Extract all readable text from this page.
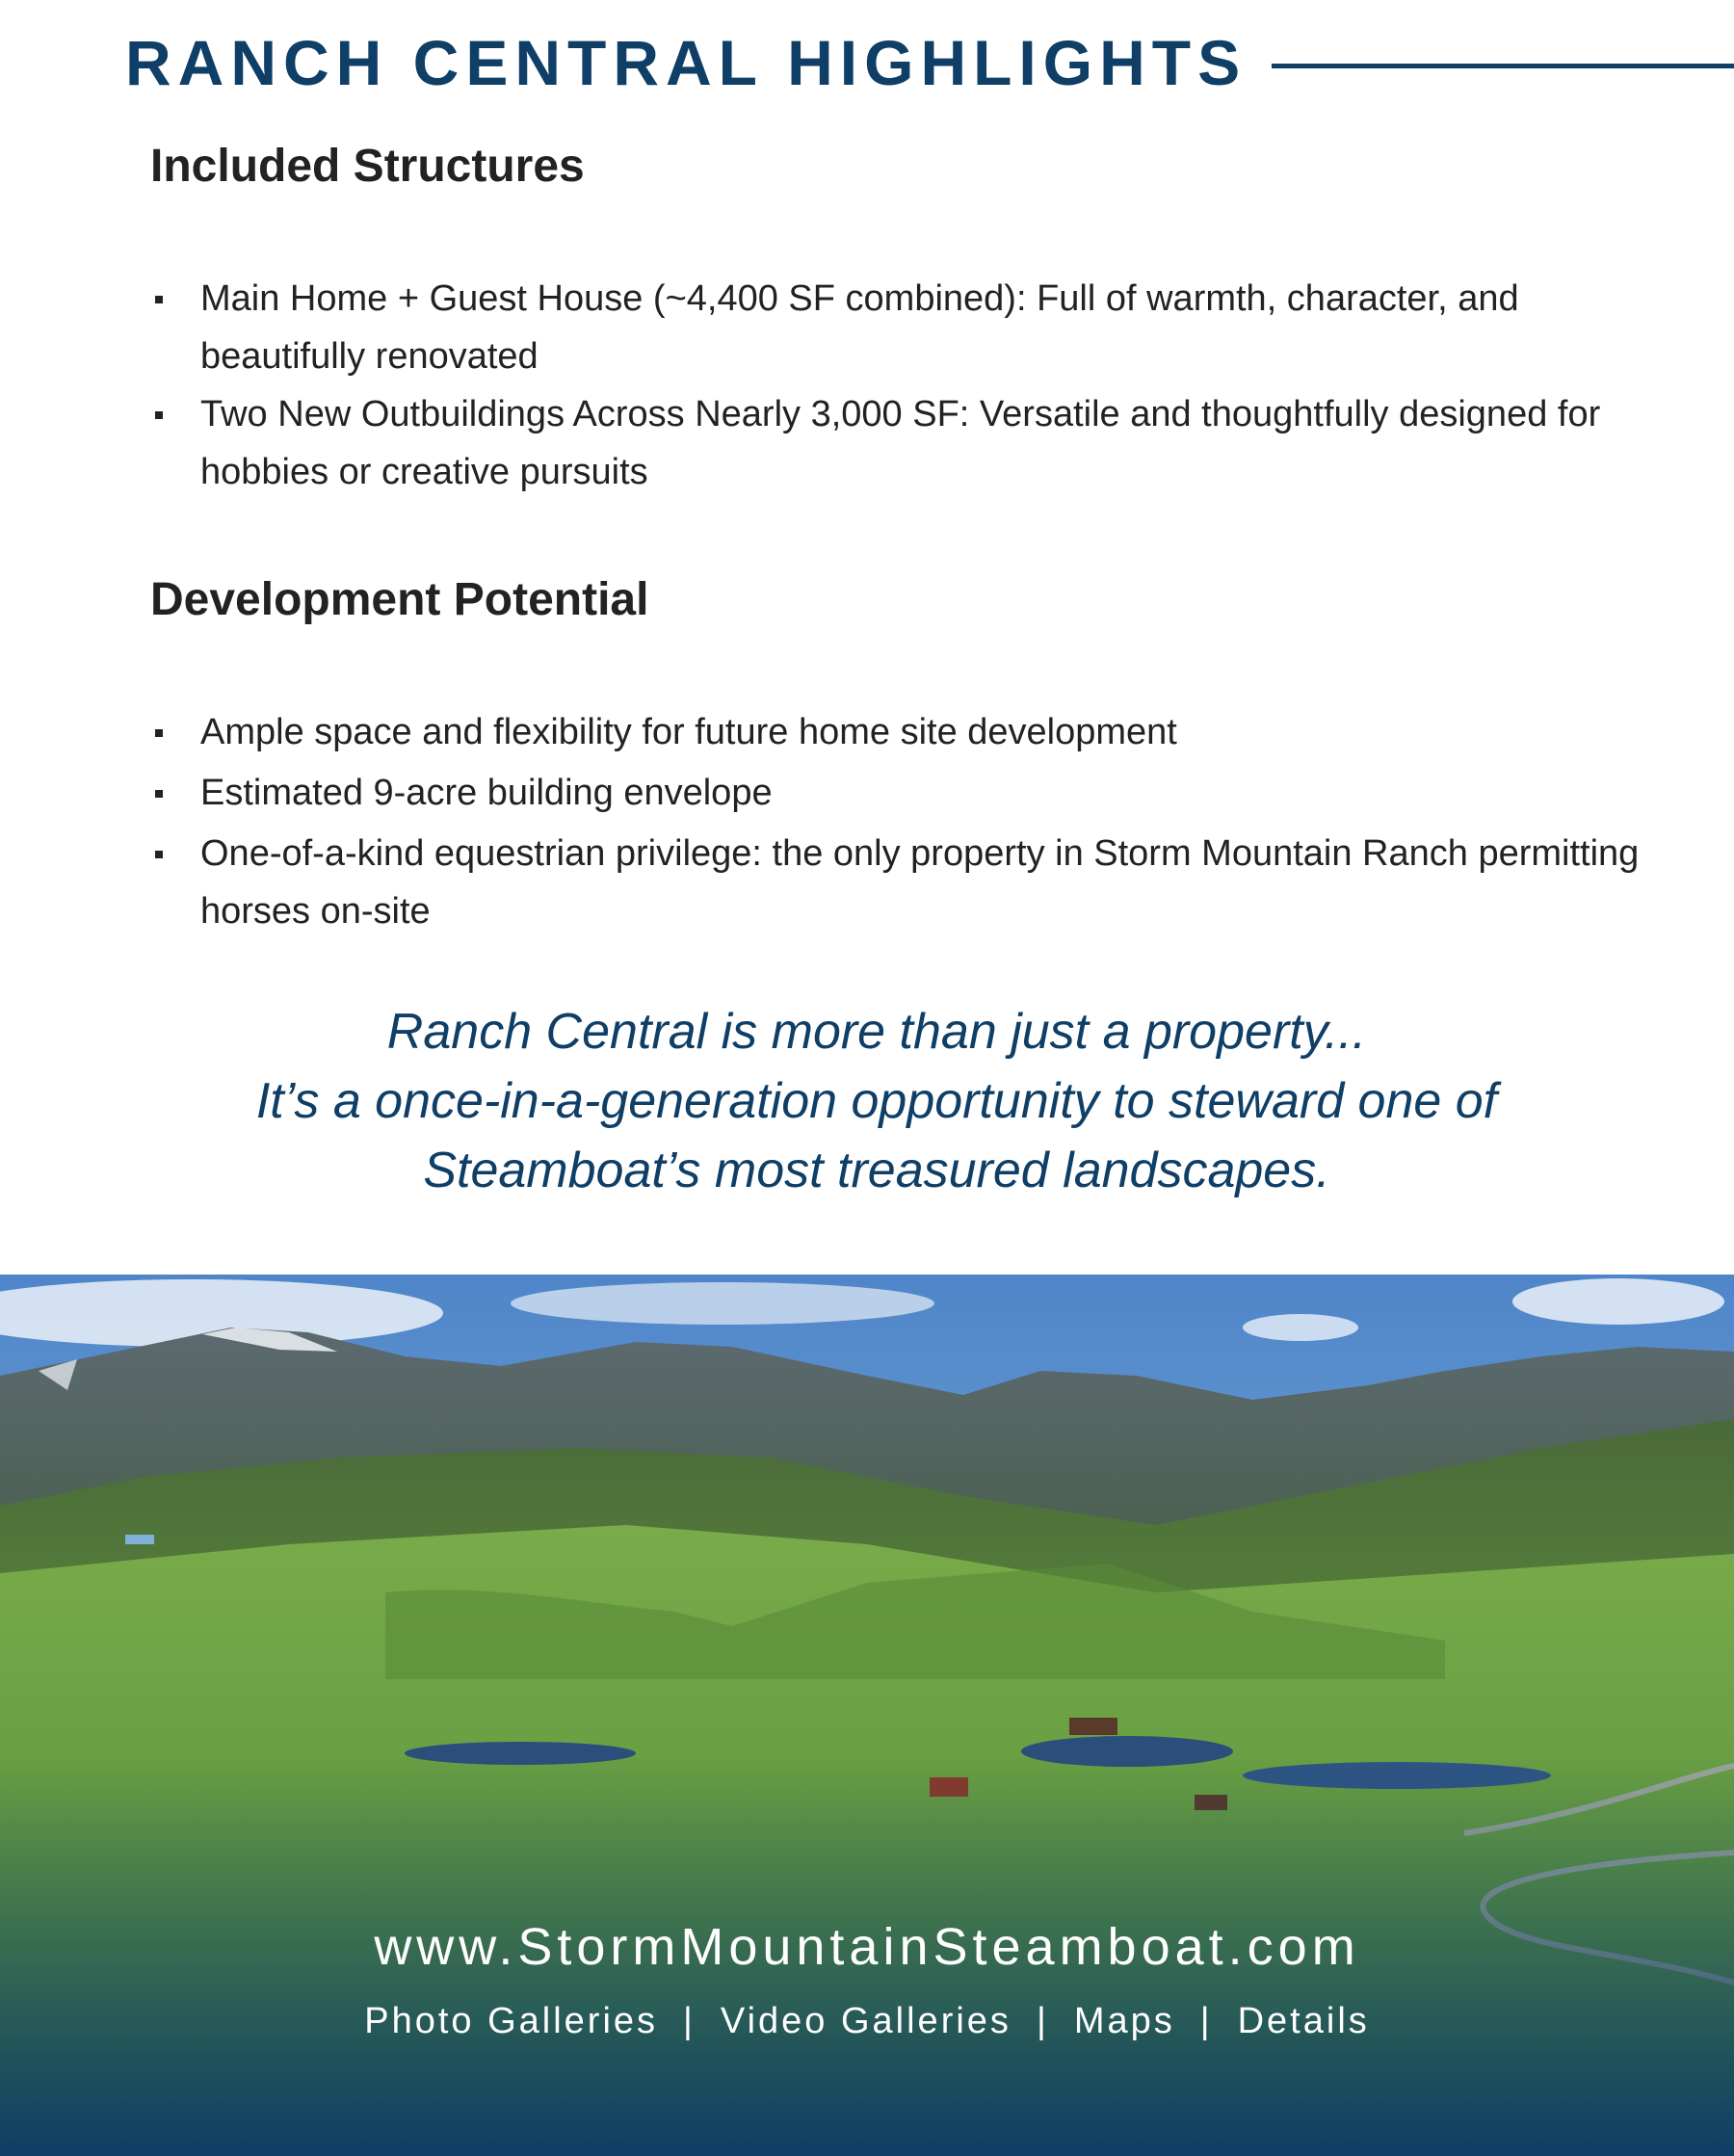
RANCH CENTRAL HIGHLIGHTS
Included Structures
Main Home + Guest House (~4,400 SF combined): Full of warmth, character, and beautifully renovated
Two New Outbuildings Across Nearly 3,000 SF: Versatile and thoughtfully designed for hobbies or creative pursuits
Development Potential
Ample space and flexibility for future home site development
Estimated 9-acre building envelope
One-of-a-kind equestrian privilege: the only property in Storm Mountain Ranch permitting horses on-site
Ranch Central is more than just a property...
It’s a once-in-a-generation opportunity to steward one of
Steamboat’s most treasured landscapes.
www.StormMountainSteamboat.com
Photo Galleries | Video Galleries | Maps | Details
